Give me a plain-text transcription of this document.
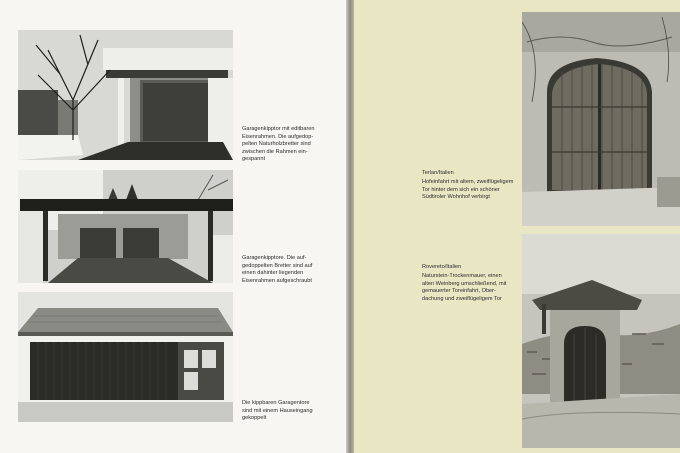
Garagenkipptor mit editbaren
Eisenrahmen. Die aufgedop-
pelten Naturholzbretter sind
zwischen die Rahmen ein-
gespannt
Garagenkipptore. Die auf-
gedoppelten Bretter sind auf
einen dahinter liegenden
Eisenrahmen aufgeschraubt
Die kippbaren Garagentore
sind mit einem Hauseingang
gekoppelt
Terlan/Italien
Hofeinfahrt mit altem, zweiflügeligem
Tor hinter dem sich ein schöner
Südtiroler Wohnhof verbirgt
Rovereto/Italien
Naturstein-Trockenmauer, einen
alten Weinberg umschließend, mit
gemauerter Toreinfahrt, Ober-
dachung und zweiflügeligem Tor
